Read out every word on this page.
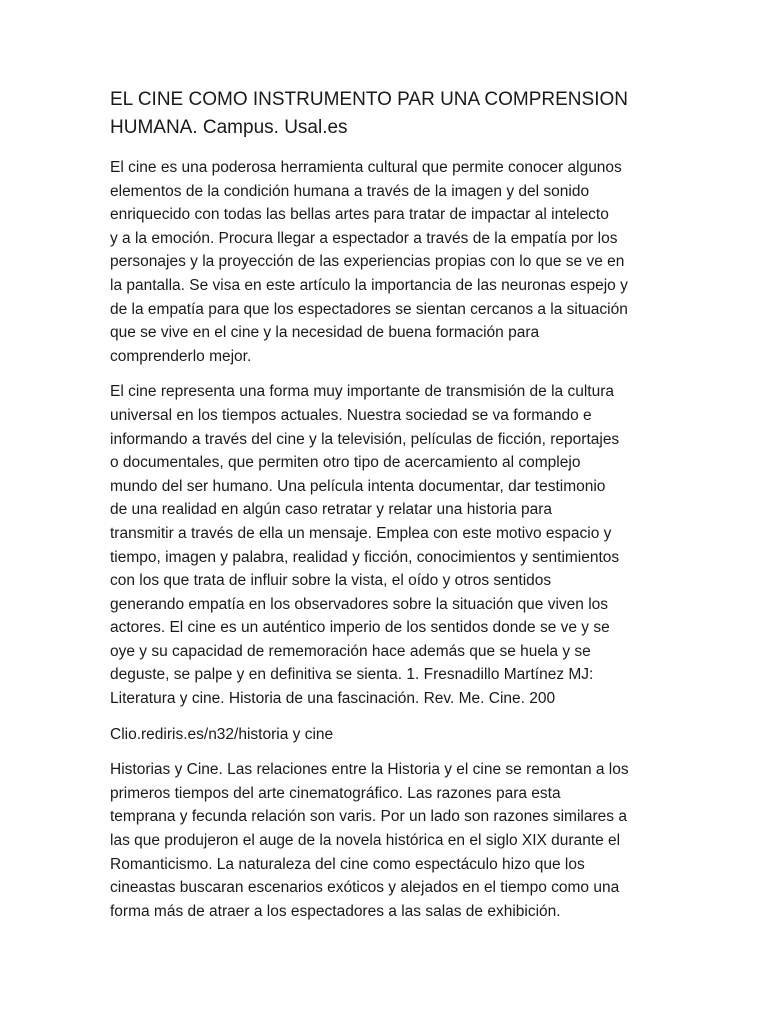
EL CINE COMO INSTRUMENTO PAR UNA COMPRENSION
HUMANA. Campus. Usal.es

El cine es una poderosa herramienta cultural que permite conocer algunos
elementos de la condición humana a través de la imagen y del sonido
enriquecido con todas las bellas artes para tratar de impactar al intelecto
y a la emoción. Procura llegar a espectador a través de la empatía por los
personajes y la proyección de las experiencias propias con lo que se ve en
la pantalla. Se visa en este artículo la importancia de las neuronas espejo y
de la empatía para que los espectadores se sientan cercanos a la situación
que se vive en el cine y la necesidad de buena formación para
comprenderlo mejor.

El cine representa una forma muy importante de transmisión de la cultura
universal en los tiempos actuales. Nuestra sociedad se va formando e
informando a través del cine y la televisión, películas de ficción, reportajes
o documentales, que permiten otro tipo de acercamiento al complejo
mundo del ser humano. Una película intenta documentar, dar testimonio
de una realidad en algún caso retratar y relatar una historia para
transmitir a través de ella un mensaje. Emplea con este motivo espacio y
tiempo, imagen y palabra, realidad y ficción, conocimientos y sentimientos
con los que trata de influir sobre la vista, el oído y otros sentidos
generando empatía en los observadores sobre la situación que viven los
actores. El cine es un auténtico imperio de los sentidos donde se ve y se
oye y su capacidad de rememoración hace además que se huela y se
deguste, se palpe y en definitiva se sienta. 1. Fresnadillo Martínez MJ:
Literatura y cine. Historia de una fascinación. Rev. Me. Cine. 200

Clio.rediris.es/n32/historia y cine

Historias y Cine. Las relaciones entre la Historia y el cine se remontan a los
primeros tiempos del arte cinematográfico. Las razones para esta
temprana y fecunda relación son varis. Por un lado son razones similares a
las que produjeron el auge de la novela histórica en el siglo XIX durante el
Romanticismo. La naturaleza del cine como espectáculo hizo que los
cineastas buscaran escenarios exóticos y alejados en el tiempo como una
forma más de atraer a los espectadores a las salas de exhibición.
